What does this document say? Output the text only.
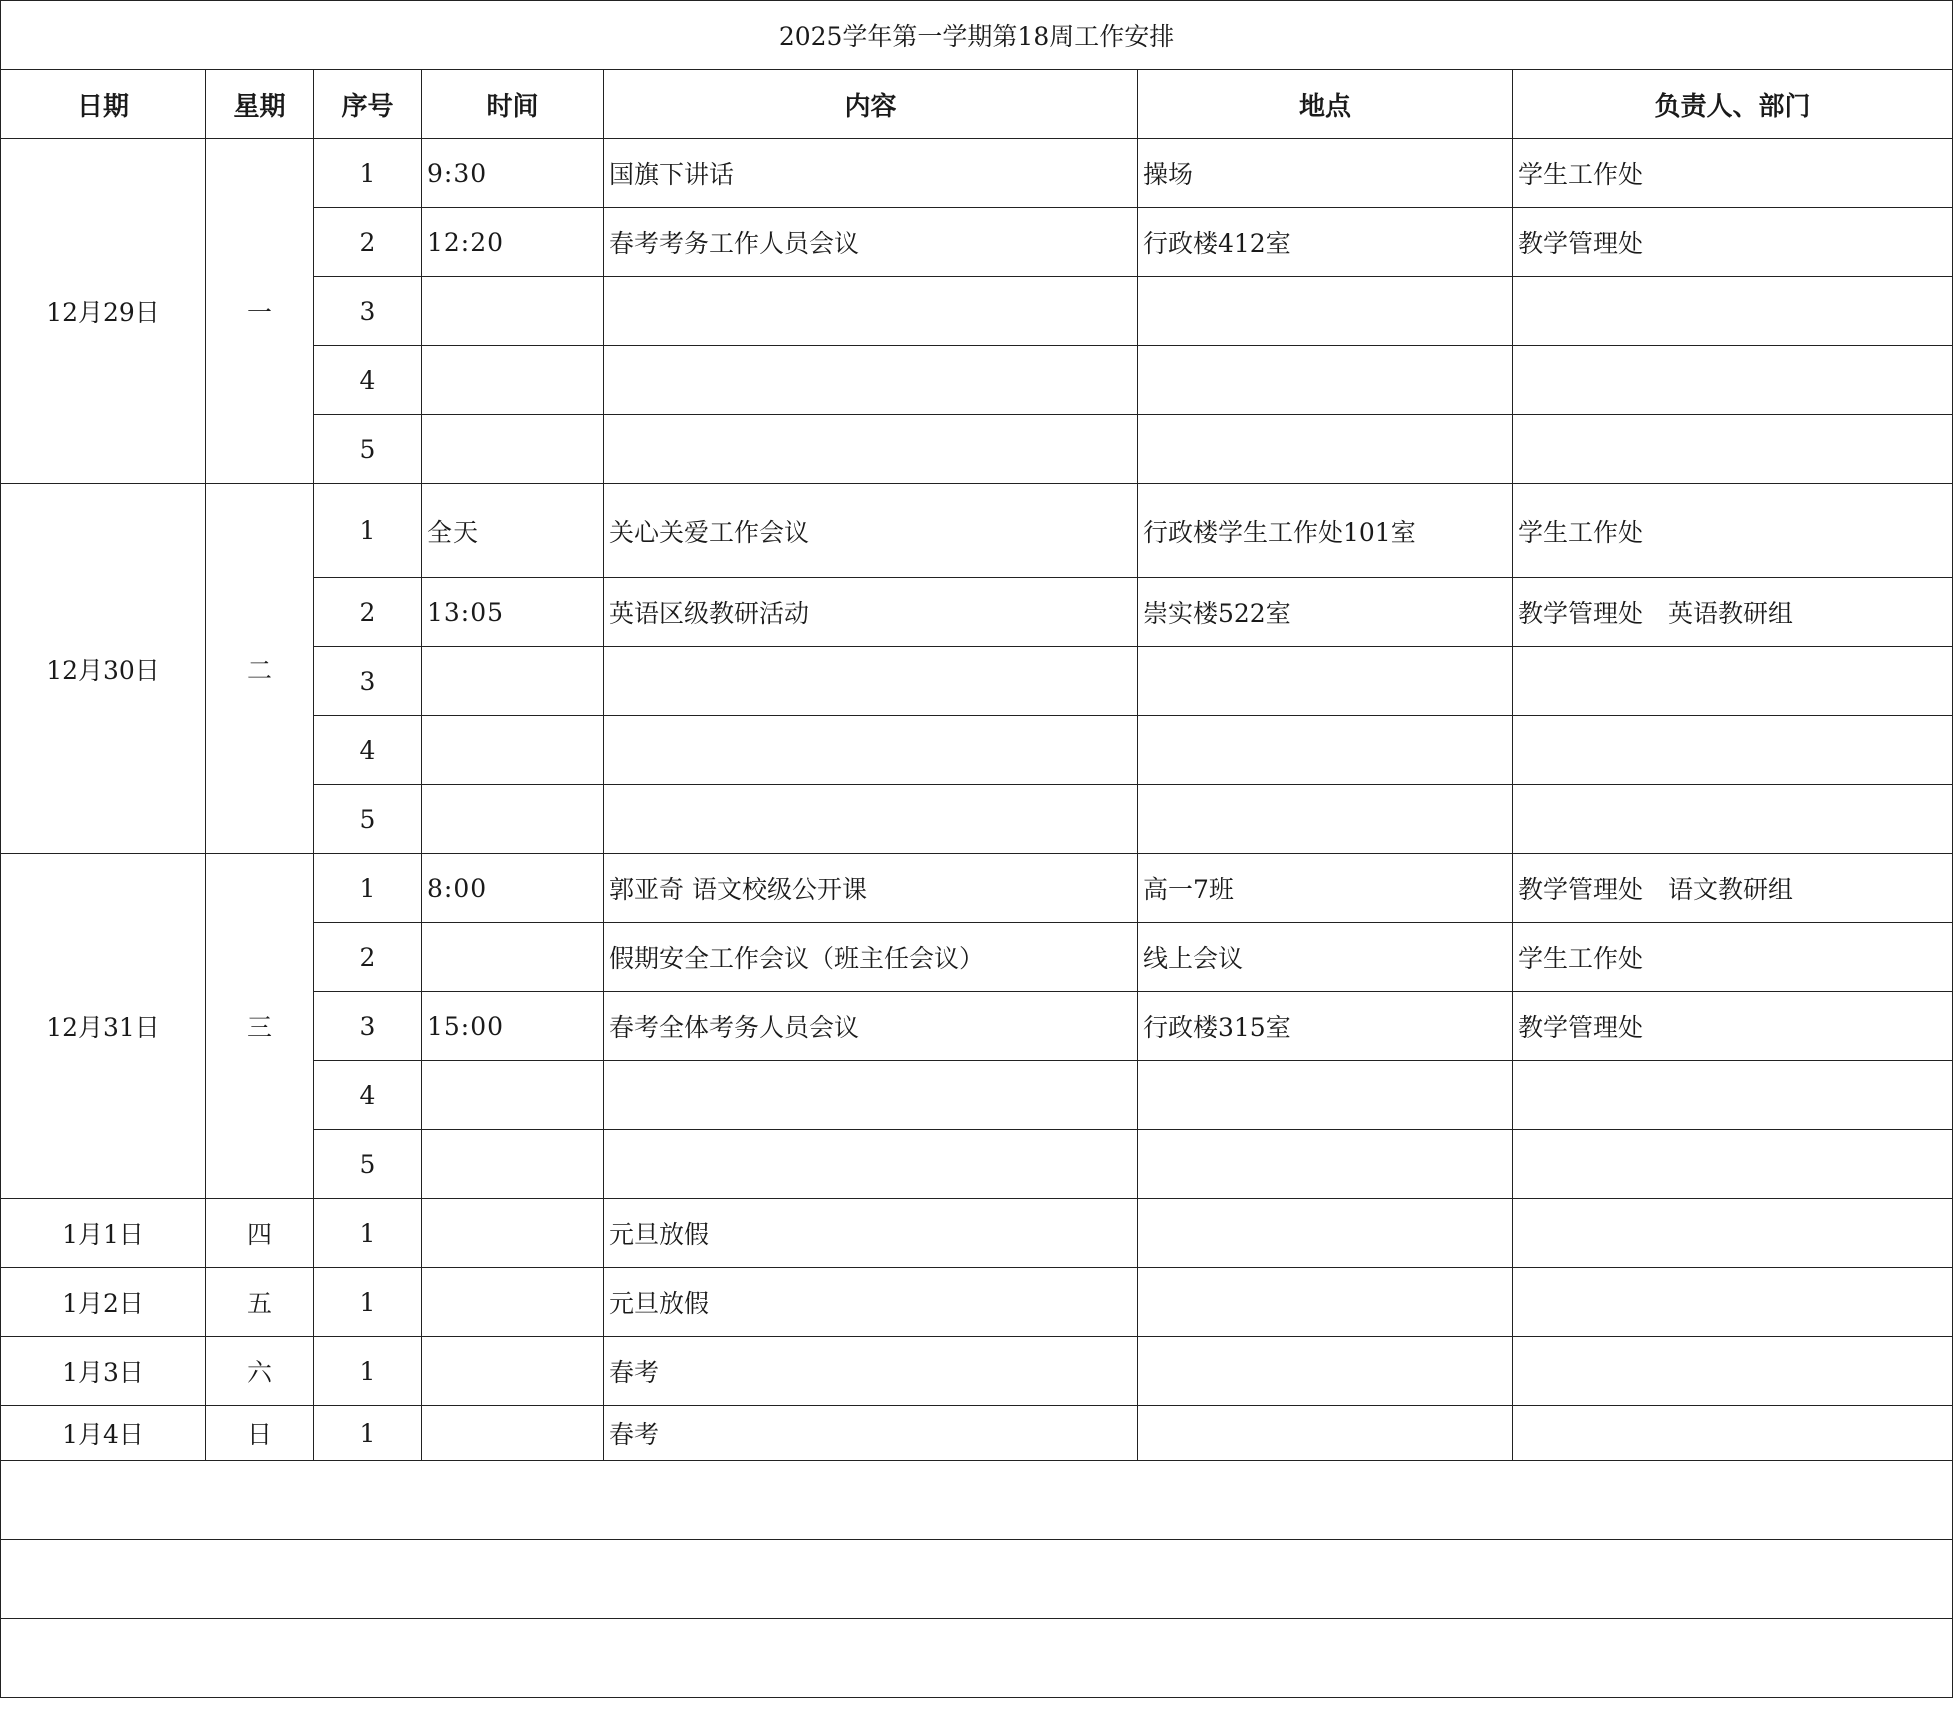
2025学年第一学期第18周工作安排						
日期	星期	序号	时间	内容	地点	负责人、部门
12月29日	一	1	9:30	国旗下讲话	操场	学生工作处
		2	12:20	春考考务工作人员会议	行政楼412室	教学管理处
		3				
		4				
		5				
12月30日	二	1	全天	关心关爱工作会议	行政楼学生工作处101室	学生工作处
		2	13:05	英语区级教研活动	崇实楼522室	教学管理处　英语教研组
		3				
		4				
		5				
12月31日	三	1	8:00	郭亚奇 语文校级公开课	高一7班	教学管理处　语文教研组
		2		假期安全工作会议（班主任会议）	线上会议	学生工作处
		3	15:00	春考全体考务人员会议	行政楼315室	教学管理处
		4				
		5				
1月1日	四	1		元旦放假		
1月2日	五	1		元旦放假		
1月3日	六	1		春考		
1月4日	日	1		春考		
